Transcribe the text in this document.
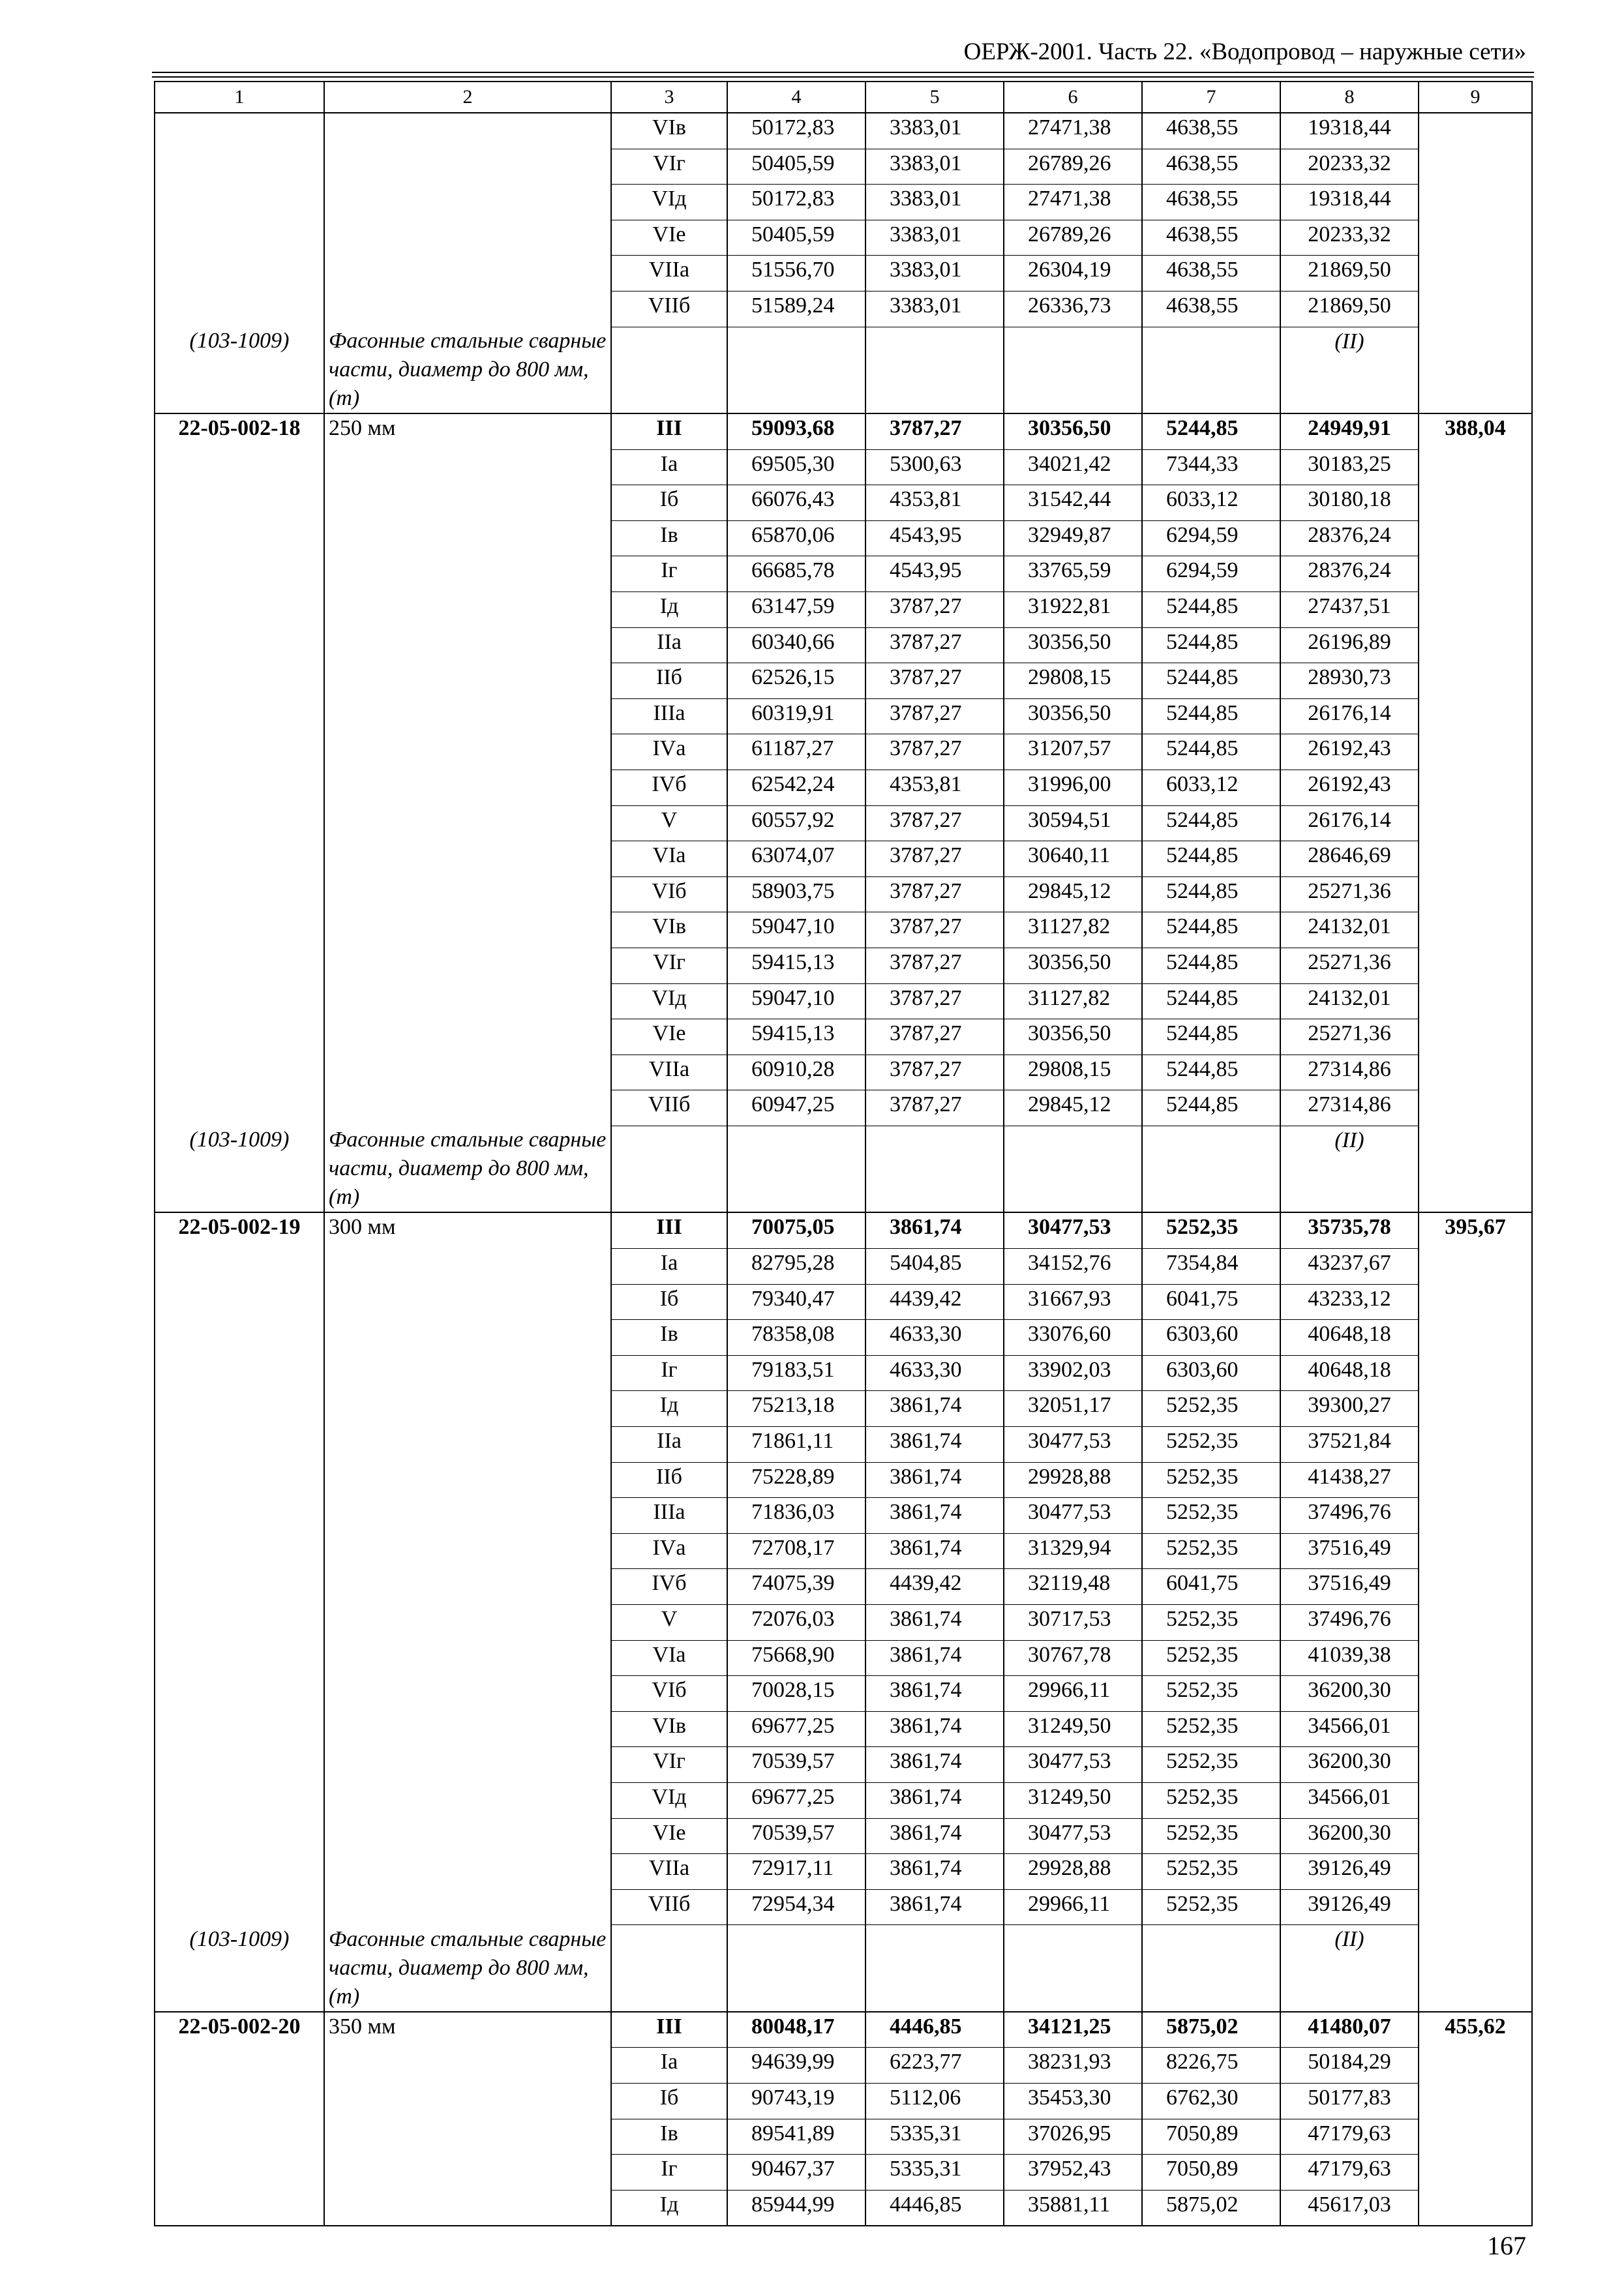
ОЕРЖ-2001. Часть 22. «Водопровод – наружные сети»
1	2	3	4	5	6	7	8	9
		VIв	50172,83	3383,01	27471,38	4638,55	19318,44	
		VIг	50405,59	3383,01	26789,26	4638,55	20233,32	
		VIд	50172,83	3383,01	27471,38	4638,55	19318,44	
		VIе	50405,59	3383,01	26789,26	4638,55	20233,32	
		VIIа	51556,70	3383,01	26304,19	4638,55	21869,50	
		VIIб	51589,24	3383,01	26336,73	4638,55	21869,50	

(103-1009)	Фасонные стальные сварные части, диаметр до 800 мм, (т)						(II)	

22-05-002-18	250 мм	III	59093,68	3787,27	30356,50	5244,85	24949,91	388,04
		Iа	69505,30	5300,63	34021,42	7344,33	30183,25	
		Iб	66076,43	4353,81	31542,44	6033,12	30180,18	
		Iв	65870,06	4543,95	32949,87	6294,59	28376,24	
		Iг	66685,78	4543,95	33765,59	6294,59	28376,24	
		Iд	63147,59	3787,27	31922,81	5244,85	27437,51	
		IIа	60340,66	3787,27	30356,50	5244,85	26196,89	
		IIб	62526,15	3787,27	29808,15	5244,85	28930,73	
		IIIа	60319,91	3787,27	30356,50	5244,85	26176,14	
		IVа	61187,27	3787,27	31207,57	5244,85	26192,43	
		IVб	62542,24	4353,81	31996,00	6033,12	26192,43	
		V	60557,92	3787,27	30594,51	5244,85	26176,14	
		VIа	63074,07	3787,27	30640,11	5244,85	28646,69	
		VIб	58903,75	3787,27	29845,12	5244,85	25271,36	
		VIв	59047,10	3787,27	31127,82	5244,85	24132,01	
		VIг	59415,13	3787,27	30356,50	5244,85	25271,36	
		VIд	59047,10	3787,27	31127,82	5244,85	24132,01	
		VIе	59415,13	3787,27	30356,50	5244,85	25271,36	
		VIIа	60910,28	3787,27	29808,15	5244,85	27314,86	
		VIIб	60947,25	3787,27	29845,12	5244,85	27314,86	

(103-1009)	Фасонные стальные сварные части, диаметр до 800 мм, (т)						(II)	

22-05-002-19	300 мм	III	70075,05	3861,74	30477,53	5252,35	35735,78	395,67
		Iа	82795,28	5404,85	34152,76	7354,84	43237,67	
		Iб	79340,47	4439,42	31667,93	6041,75	43233,12	
		Iв	78358,08	4633,30	33076,60	6303,60	40648,18	
		Iг	79183,51	4633,30	33902,03	6303,60	40648,18	
		Iд	75213,18	3861,74	32051,17	5252,35	39300,27	
		IIа	71861,11	3861,74	30477,53	5252,35	37521,84	
		IIб	75228,89	3861,74	29928,88	5252,35	41438,27	
		IIIа	71836,03	3861,74	30477,53	5252,35	37496,76	
		IVа	72708,17	3861,74	31329,94	5252,35	37516,49	
		IVб	74075,39	4439,42	32119,48	6041,75	37516,49	
		V	72076,03	3861,74	30717,53	5252,35	37496,76	
		VIа	75668,90	3861,74	30767,78	5252,35	41039,38	
		VIб	70028,15	3861,74	29966,11	5252,35	36200,30	
		VIв	69677,25	3861,74	31249,50	5252,35	34566,01	
		VIг	70539,57	3861,74	30477,53	5252,35	36200,30	
		VIд	69677,25	3861,74	31249,50	5252,35	34566,01	
		VIе	70539,57	3861,74	30477,53	5252,35	36200,30	
		VIIа	72917,11	3861,74	29928,88	5252,35	39126,49	
		VIIб	72954,34	3861,74	29966,11	5252,35	39126,49	

(103-1009)	Фасонные стальные сварные части, диаметр до 800 мм, (т)						(II)	

22-05-002-20	350 мм	III	80048,17	4446,85	34121,25	5875,02	41480,07	455,62
		Iа	94639,99	6223,77	38231,93	8226,75	50184,29	
		Iб	90743,19	5112,06	35453,30	6762,30	50177,83	
		Iв	89541,89	5335,31	37026,95	7050,89	47179,63	
		Iг	90467,37	5335,31	37952,43	7050,89	47179,63	
		Iд	85944,99	4446,85	35881,11	5875,02	45617,03	
167
